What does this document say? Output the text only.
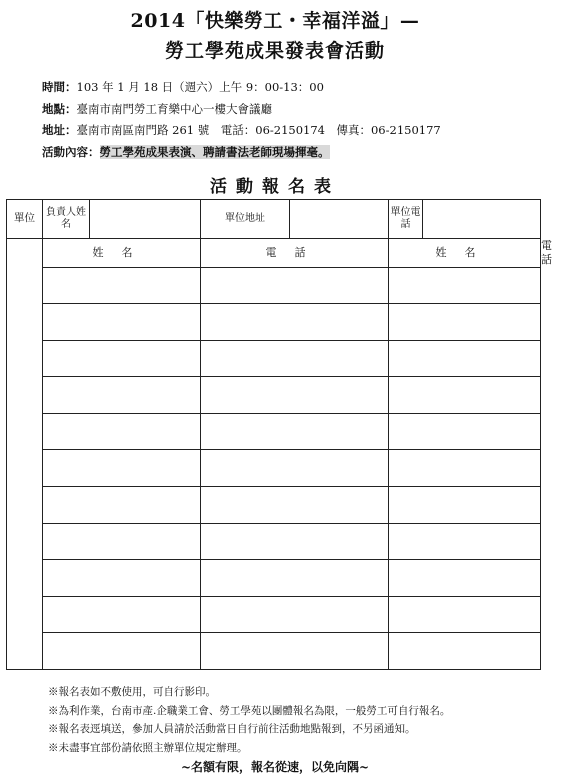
2014「快樂勞工・幸福洋溢」—
勞工學苑成果發表會活動
時間：103 年 1 月 18 日（週六）上午 9：00-13：00
地點：臺南市南門勞工育樂中心一樓大會議廳
地址：臺南市南區南門路 261 號　電話：06-2150174　傳真：06-2150177
活動內容：勞工學苑成果表演、聘請書法老師現場揮毫。
活動報名表
單位	負責人姓名		單位地址		單位電話		
	姓名		電話		姓名		電話

※報名表如不敷使用，可自行影印。
※為利作業，台南市產.企職業工會、勞工學苑以團體報名為限，一般勞工可自行報名。
※報名表逕填送，參加人員請於活動當日自行前往活動地點報到，不另函通知。
※未盡事宜部份請依照主辦單位規定辦理。
~名額有限，報名從速，以免向隅~
